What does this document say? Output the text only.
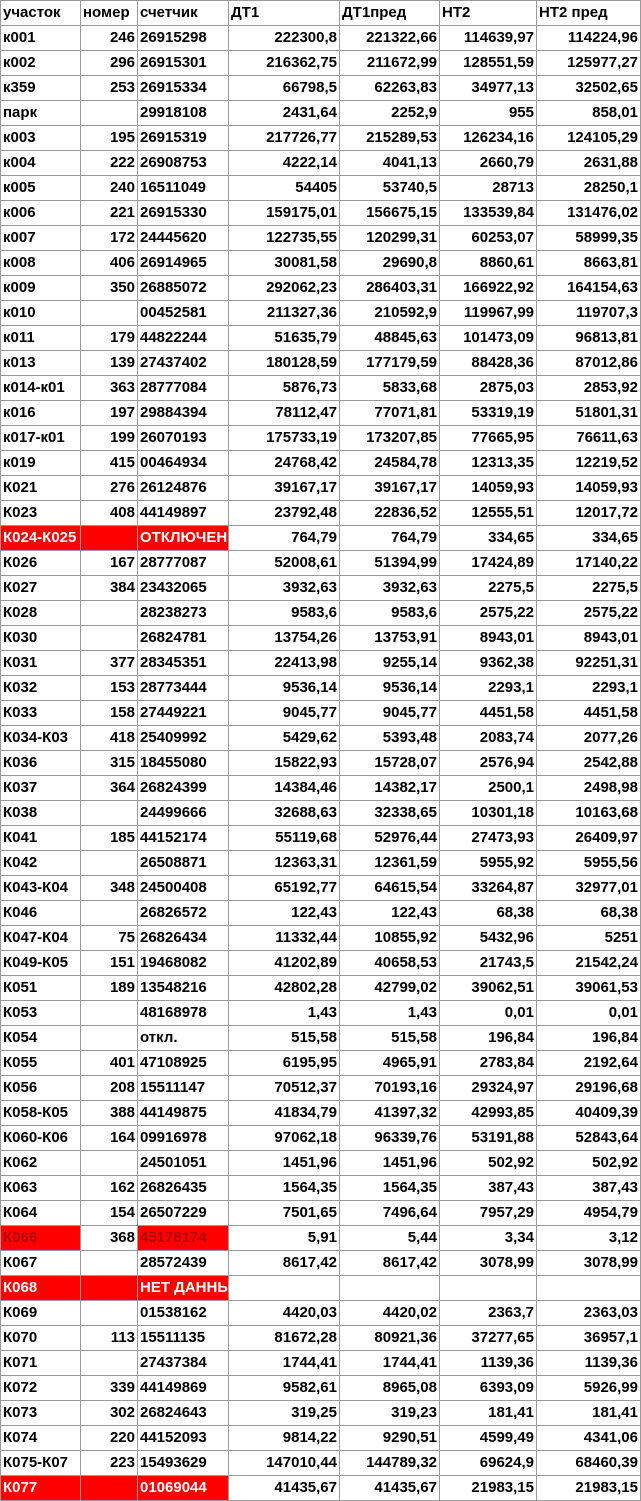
участок	номер	счетчик	ДТ1	ДТ1пред	НТ2	НТ2 пред
к001	246	26915298	222300,8	221322,66	114639,97	114224,96
к002	296	26915301	216362,75	211672,99	128551,59	125977,27
к359	253	26915334	66798,5	62263,83	34977,13	32502,65
парк		29918108	2431,64	2252,9	955	858,01
к003	195	26915319	217726,77	215289,53	126234,16	124105,29
к004	222	26908753	4222,14	4041,13	2660,79	2631,88
к005	240	16511049	54405	53740,5	28713	28250,1
к006	221	26915330	159175,01	156675,15	133539,84	131476,02
к007	172	24445620	122735,55	120299,31	60253,07	58999,35
к008	406	26914965	30081,58	29690,8	8860,61	8663,81
к009	350	26885072	292062,23	286403,31	166922,92	164154,63
к010		00452581	211327,36	210592,9	119967,99	119707,3
к011	179	44822244	51635,79	48845,63	101473,09	96813,81
к013	139	27437402	180128,59	177179,59	88428,36	87012,86
к014-к01	363	28777084	5876,73	5833,68	2875,03	2853,92
к016	197	29884394	78112,47	77071,81	53319,19	51801,31
к017-к01	199	26070193	175733,19	173207,85	77665,95	76611,63
к019	415	00464934	24768,42	24584,78	12313,35	12219,52
К021	276	26124876	39167,17	39167,17	14059,93	14059,93
К023	408	44149897	23792,48	22836,52	12555,51	12017,72
К024-К025		ОТКЛЮЧЕН	764,79	764,79	334,65	334,65
К026	167	28777087	52008,61	51394,99	17424,89	17140,22
К027	384	23432065	3932,63	3932,63	2275,5	2275,5
К028		28238273	9583,6	9583,6	2575,22	2575,22
К030		26824781	13754,26	13753,91	8943,01	8943,01
К031	377	28345351	22413,98	9255,14	9362,38	92251,31
К032	153	28773444	9536,14	9536,14	2293,1	2293,1
К033	158	27449221	9045,77	9045,77	4451,58	4451,58
К034-К03	418	25409992	5429,62	5393,48	2083,74	2077,26
К036	315	18455080	15822,93	15728,07	2576,94	2542,88
К037	364	26824399	14384,46	14382,17	2500,1	2498,98
К038		24499666	32688,63	32338,65	10301,18	10163,68
К041	185	44152174	55119,68	52976,44	27473,93	26409,97
К042		26508871	12363,31	12361,59	5955,92	5955,56
К043-К04	348	24500408	65192,77	64615,54	33264,87	32977,01
К046		26826572	122,43	122,43	68,38	68,38
К047-К04	75	26826434	11332,44	10855,92	5432,96	5251
К049-К05	151	19468082	41202,89	40658,53	21743,5	21542,24
К051	189	13548216	42802,28	42799,02	39062,51	39061,53
К053		48168978	1,43	1,43	0,01	0,01
К054		откл.	515,58	515,58	196,84	196,84
К055	401	47108925	6195,95	4965,91	2783,84	2192,64
К056	208	15511147	70512,37	70193,16	29324,97	29196,68
К058-К05	388	44149875	41834,79	41397,32	42993,85	40409,39
К060-К06	164	09916978	97062,18	96339,76	53191,88	52843,64
К062		24501051	1451,96	1451,96	502,92	502,92
К063	162	26826435	1564,35	1564,35	387,43	387,43
К064	154	26507229	7501,65	7496,64	7957,29	4954,79
К066	368	45178174	5,91	5,44	3,34	3,12
К067		28572439	8617,42	8617,42	3078,99	3078,99
К068		НЕТ ДАННЫХ				
К069		01538162	4420,03	4420,02	2363,7	2363,03
К070	113	15511135	81672,28	80921,36	37277,65	36957,1
К071		27437384	1744,41	1744,41	1139,36	1139,36
К072	339	44149869	9582,61	8965,08	6393,09	5926,99
К073	302	26824643	319,25	319,23	181,41	181,41
К074	220	44152093	9814,22	9290,51	4599,49	4341,06
К075-К07	223	15493629	147010,44	144789,32	69624,9	68460,39
К077		01069044	41435,67	41435,67	21983,15	21983,15
